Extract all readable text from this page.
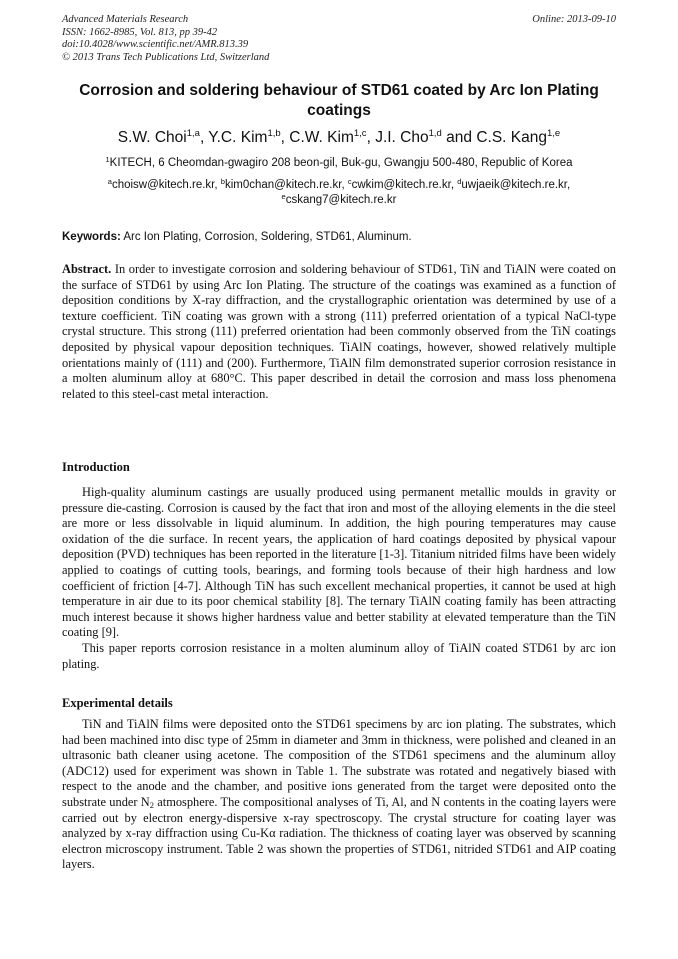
Advanced Materials Research
ISSN: 1662-8985, Vol. 813, pp 39-42
doi:10.4028/www.scientific.net/AMR.813.39
© 2013 Trans Tech Publications Ltd, Switzerland
Online: 2013-09-10
Corrosion and soldering behaviour of STD61 coated by Arc Ion Plating coatings
S.W. Choi$^{1,a}$, Y.C. Kim$^{1,b}$, C.W. Kim$^{1,c}$, J.I. Cho$^{1,d}$ and C.S. Kang$^{1,e}$
$^1$KITECH, 6 Cheomdan-gwagiro 208 beon-gil, Buk-gu, Gwangju 500-480, Republic of Korea
$^a$choisw@kitech.re.kr, $^b$kim0chan@kitech.re.kr, $^c$cwkim@kitech.re.kr, $^d$uwjaeik@kitech.re.kr,
$^e$cskang7@kitech.re.kr
Keywords: Arc Ion Plating, Corrosion, Soldering, STD61, Aluminum.
Abstract. In order to investigate corrosion and soldering behaviour of STD61, TiN and TiAlN were coated on the surface of STD61 by using Arc Ion Plating. The structure of the coatings was examined as a function of deposition conditions by X-ray diffraction, and the crystallographic orientation was determined by use of a texture coefficient. TiN coating was grown with a strong (111) preferred orientation of a typical NaCl-type crystal structure. This strong (111) preferred orientation had been commonly observed from the TiN coatings deposited by physical vapour deposition techniques. TiAlN coatings, however, showed relatively multiple orientations mainly of (111) and (200). Furthermore, TiAlN film demonstrated superior corrosion resistance in a molten aluminum alloy at 680°C. This paper described in detail the corrosion and mass loss phenomena related to this steel-cast metal interaction.
Introduction

High-quality aluminum castings are usually produced using permanent metallic moulds in gravity or pressure die-casting. Corrosion is caused by the fact that iron and most of the alloying elements in the die steel are more or less dissolvable in liquid aluminum. In addition, the high pouring temperatures may cause oxidation of the die surface. In recent years, the application of hard coatings deposited by physical vapour deposition (PVD) techniques has been reported in the literature [1-3]. Titanium nitrided films have been widely applied to coatings of cutting tools, bearings, and forming tools because of their high hardness and low coefficient of friction [4-7]. Although TiN has such excellent mechanical properties, it cannot be used at high temperature in air due to its poor chemical stability [8]. The ternary TiAlN coating family has been attracting much interest because it shows higher hardness value and better stability at elevated temperature than the TiN coating [9].

This paper reports corrosion resistance in a molten aluminum alloy of TiAlN coated STD61 by arc ion plating.

Experimental details

TiN and TiAlN films were deposited onto the STD61 specimens by arc ion plating. The substrates, which had been machined into disc type of 25mm in diameter and 3mm in thickness, were polished and cleaned in an ultrasonic bath cleaner using acetone. The composition of the STD61 specimens and the aluminum alloy (ADC12) used for experiment was shown in Table 1. The substrate was rotated and negatively biased with respect to the anode and the chamber, and positive ions generated from the target were deposited onto the substrate under $N_2$ atmosphere. The compositional analyses of Ti, Al, and N contents in the coating layers were carried out by electron energy-dispersive x-ray spectroscopy. The crystal structure for coating layer was analyzed by x-ray diffraction using Cu-Kα radiation. The thickness of coating layer was observed by scanning electron microscopy instrument. Table 2 was shown the properties of STD61, nitrided STD61 and AIP coating layers.
